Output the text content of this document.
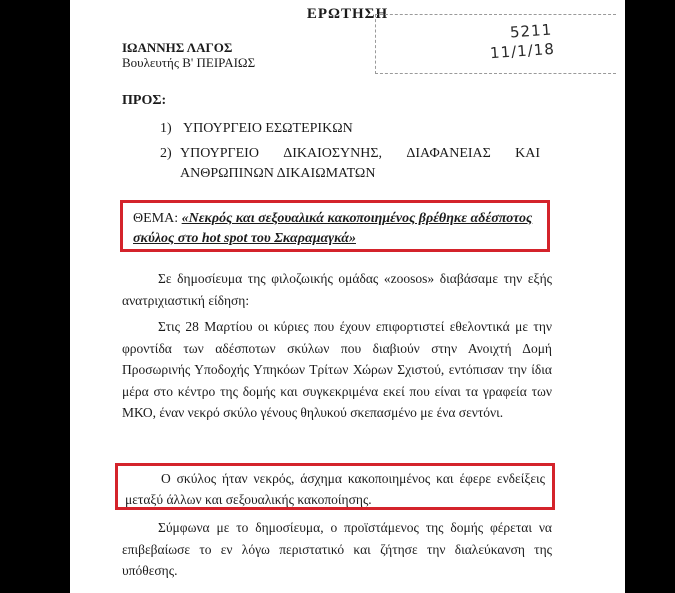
ΕΡΩΤΗΣΗ
5211
11/1/18
ΙΩΑΝΝΗΣ ΛΑΓΟΣ
Βουλευτής Β' ΠΕΙΡΑΙΩΣ
ΠΡΟΣ:
1) ΥΠΟΥΡΓΕΙΟ ΕΣΩΤΕΡΙΚΩΝ
2) ΥΠΟΥΡΓΕΙΟ ΔΙΚΑΙΟΣΥΝΗΣ, ΔΙΑΦΑΝΕΙΑΣ ΚΑΙ
ΑΝΘΡΩΠΙΝΩΝ ΔΙΚΑΙΩΜΑΤΩΝ
ΘΕΜΑ: «Νεκρός και σεξουαλικά κακοποιημένος βρέθηκε αδέσποτος σκύλος στο hot spot του Σκαραμαγκά»
Σε δημοσίευμα της φιλοζωικής ομάδας «zoosos» διαβάσαμε την εξής ανατριχιαστική είδηση:
Στις 28 Μαρτίου οι κύριες που έχουν επιφορτιστεί εθελοντικά με την φροντίδα των αδέσποτων σκύλων που διαβιούν στην Ανοιχτή Δομή Προσωρινής Υποδοχής Υπηκόων Τρίτων Χώρων Σχιστού, εντόπισαν την ίδια μέρα στο κέντρο της δομής και συγκεκριμένα εκεί που είναι τα γραφεία των ΜΚΟ, έναν νεκρό σκύλο γένους θηλυκού σκεπασμένο με ένα σεντόνι.
Ο σκύλος ήταν νεκρός, άσχημα κακοποιημένος και έφερε ενδείξεις μεταξύ άλλων και σεξουαλικής κακοποίησης.
Σύμφωνα με το δημοσίευμα, ο προϊστάμενος της δομής φέρεται να επιβεβαίωσε το εν λόγω περιστατικό και ζήτησε την διαλεύκανση της υπόθεσης.
